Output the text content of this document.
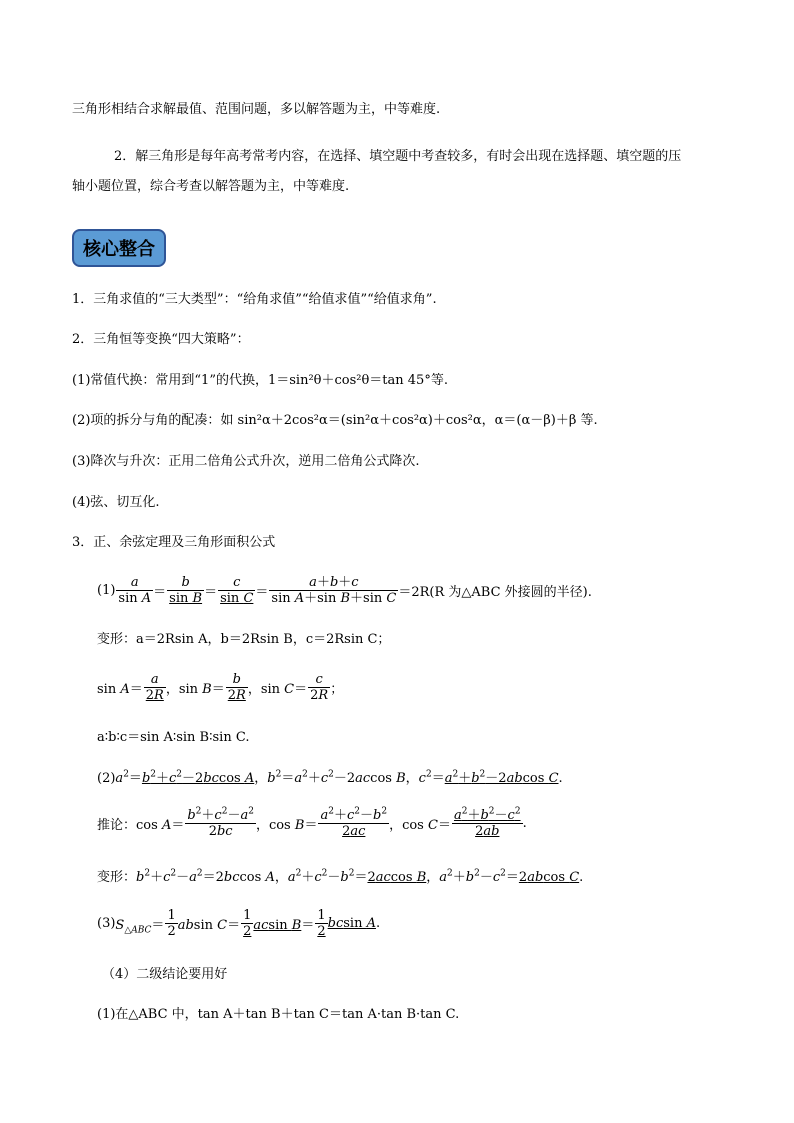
三角形相结合求解最值、范围问题，多以解答题为主，中等难度.
2．解三角形是每年高考常考内容，在选择、填空题中考查较多，有时会出现在选择题、填空题的压
轴小题位置，综合考查以解答题为主，中等难度.
核心整合
1．三角求值的“三大类型”：“给角求值”“给值求值”“给值求角”.
2．三角恒等变换“四大策略”：
(1)常值代换：常用到“1”的代换，1＝sin²θ＋cos²θ＝tan 45°等.
(2)项的拆分与角的配凑：如 sin²α＋2cos²α＝(sin²α＋cos²α)＋cos²α，α＝(α－β)＋β 等.
(3)降次与升次：正用二倍角公式升次，逆用二倍角公式降次.
(4)弦、切互化.
3．正、余弦定理及三角形面积公式
$(1) \frac{a}{\text{sin A}} = \frac{b}{\text{sin B}} = \frac{c}{\text{sin C}} = \frac{a+b+c}{\text{sin A＋sin B＋sin C}} =2R(R$ 为△ABC 外接圆的半径).
变形：a＝2Rsin A，b＝2Rsin B，c＝2Rsin C；
$\sin A= \frac{a}{2R}$ ，$\sin B= \frac{b}{2R}$ ，$\sin C= \frac{c}{2R}$ ；
a∶b∶c＝sin A∶sin B∶sin C.
$(2)a^2=b^2+c^2-2bccos$ A，$b^2=a^2+c^2-2accos$ B，$c^2=a^2+b^2-2abcos$ C.
推论： $\cos A= \frac{b^2+c^2-a^2}{2bc}$ ，$\cos B= \frac{a^2+c^2-b^2}{2ac}$ ，$\cos C= \frac{a^2+b^2-c^2}{2ab}$ .
变形：$b^2+c^2-a^2=2bccos$ A，$a^2+c^2-b^2=2accos$ B，$a^2+b^2-c^2=2abcos$ C.
(3) $S_{\triangle ABC}= \frac{1}{2}$ absin $C= \frac{1}{2}$ acsin $B= \frac{1}{2}$ bcsin A.
（4）二级结论要用好
(1)在△ABC 中，tan A＋tan B＋tan C＝tan A·tan B·tan C.
